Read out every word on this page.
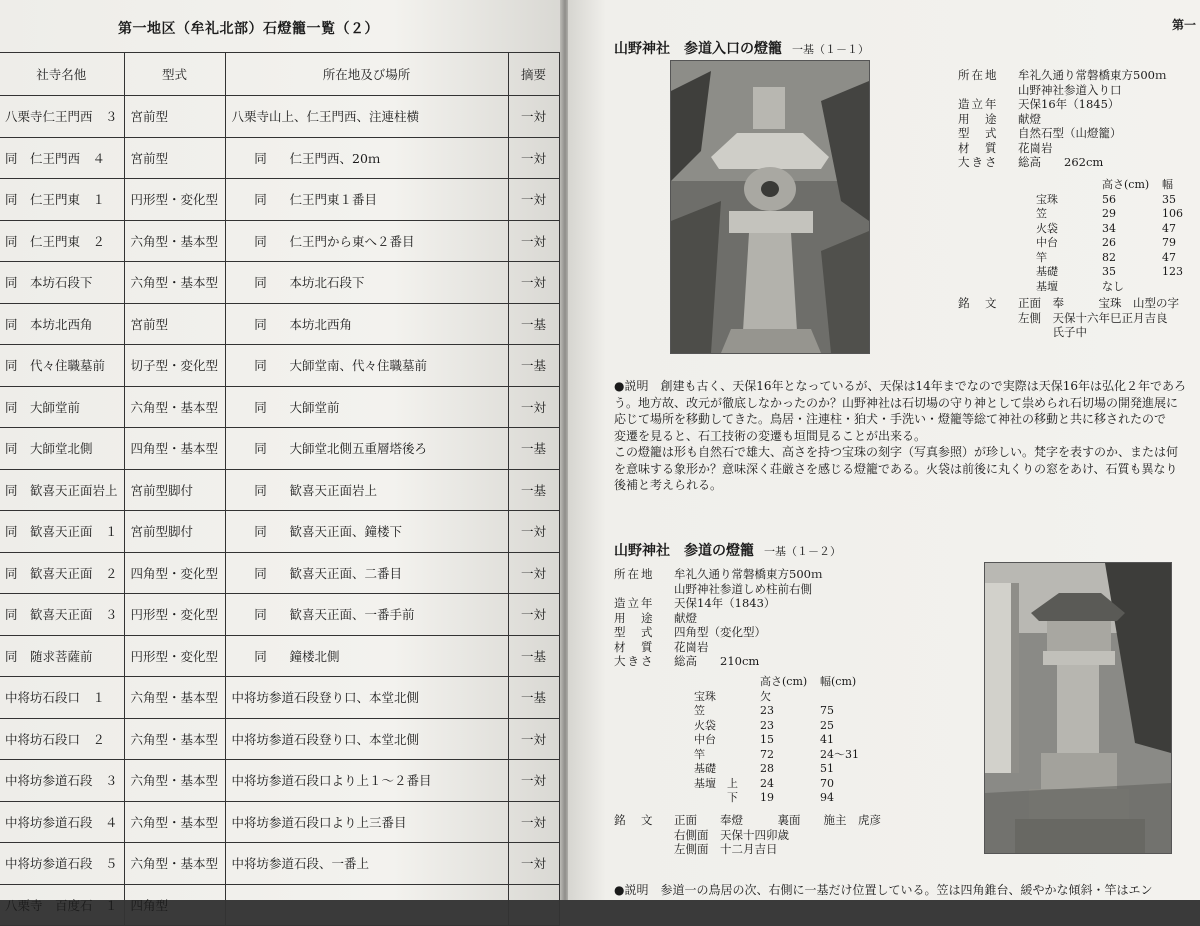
第一地区（牟礼北部）石燈籠一覧（２）
社寺名他	型式	所在地及び場所	摘要
八栗寺仁王門西　３	宮前型	八栗寺山上、仁王門西、注連柱横	一対
同　仁王門西　４	宮前型	同 仁王門西、20ｍ	一対
同　仁王門東　１	円形型・変化型	同 仁王門東１番目	一対
同　仁王門東　２	六角型・基本型	同 仁王門から東へ２番目	一対
同　本坊石段下	六角型・基本型	同 本坊北石段下	一対
同　本坊北西角	宮前型	同 本坊北西角	一基
同　代々住職墓前	切子型・変化型	同 大師堂南、代々住職墓前	一基
同　大師堂前	六角型・基本型	同 大師堂前	一対
同　大師堂北側	四角型・基本型	同 大師堂北側五重層塔後ろ	一基
同　歓喜天正面岩上	宮前型脚付	同 歓喜天正面岩上	一基
同　歓喜天正面　１	宮前型脚付	同 歓喜天正面、鐘楼下	一対
同　歓喜天正面　２	四角型・変化型	同 歓喜天正面、二番目	一対
同　歓喜天正面　３	円形型・変化型	同 歓喜天正面、一番手前	一対
同　随求菩薩前	円形型・変化型	同 鐘楼北側	一基
中将坊石段口　１	六角型・基本型	中将坊参道石段登り口、本堂北側	一基
中将坊石段口　２	六角型・基本型	中将坊参道石段登り口、本堂北側	一対
中将坊参道石段　３	六角型・基本型	中将坊参道石段口より上１～２番目	一対
中将坊参道石段　４	六角型・基本型	中将坊参道石段口より上三番目	一対
中将坊参道石段　５	六角型・基本型	中将坊参道石段、一番上	一対
八栗寺　百度石　１	四角型		
第一
山野神社　参道入口の燈籠 一基（１－１）
所在地	牟礼久通り常磐橋東方500ｍ
山野神社参道入り口
造立年	天保16年（1845）
用　途	献燈
型　式	自然石型（山燈籠）
材　質	花崗岩
大きさ	総高　　262cm
高さ(cm)	幅
宝珠	56	35
笠	29	106
火袋	34	47
中台	26	79
竿	82	47
基礎	35	123
基壇	なし
銘　文	正面　奉　　　宝珠　山型の字
左側　天保十六年巳正月吉良
　　　氏子中
●説明　創建も古く、天保16年となっているが、天保は14年までなので実際は天保16年は弘化２年であろ
う。地方故、改元が徹底しなかったのか？山野神社は石切場の守り神として祟められ石切場の開発進展に
応じて場所を移動してきた。鳥居・注連柱・狛犬・手洗い・燈籠等総て神社の移動と共に移されたので
変遷を見ると、石工技術の変遷も垣間見ることが出来る。
この燈籠は形も自然石で雄大、高さを持つ宝珠の刻字（写真参照）が珍しい。梵字を表すのか、または何
を意味する象形か？意味深く荘厳さを感じる燈籠である。火袋は前後に丸くりの窓をあけ、石質も異なり
後補と考えられる。
山野神社　参道の燈籠 一基（１－２）
所在地	牟礼久通り常磐橋東方500ｍ
山野神社参道しめ柱前右側
造立年	天保14年（1843）
用　途	献燈
型　式	四角型（変化型）
材　質	花崗岩
大きさ	総高　　210cm
高さ(cm)	幅(cm)
宝珠	欠
笠	23	75
火袋	23	25
中台	15	41
竿	72	24～31
基礎	28	51
基壇　上	24	70
　　　下	19	94
銘　文	正面　　奉燈　　　裏面　　施主　虎彦
右側面　天保十四卯歳
左側面　十二月吉日
●説明　参道一の鳥居の次、右側に一基だけ位置している。笠は四角錐台、緩やかな傾斜・竿はエン
